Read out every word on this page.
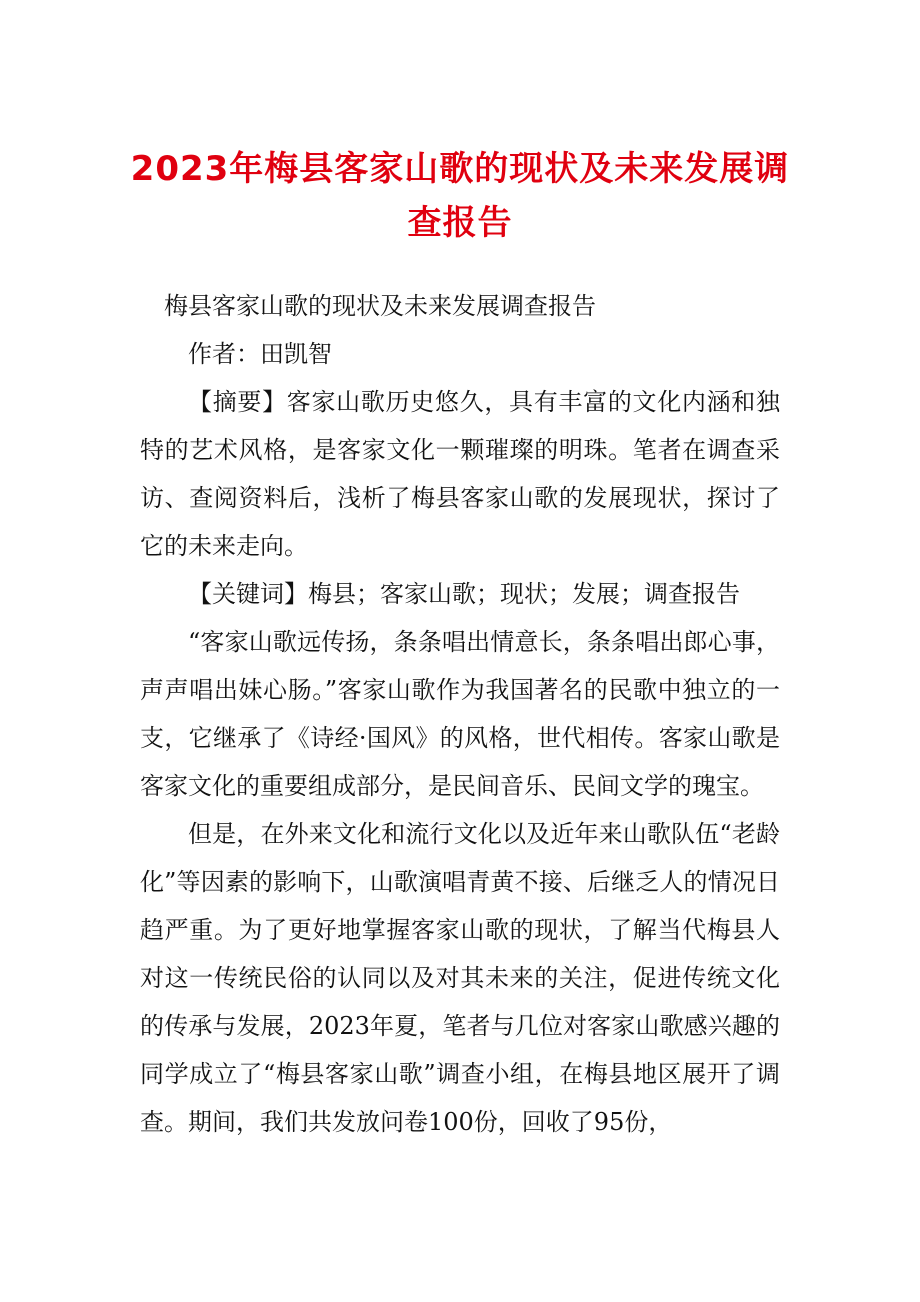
2023年梅县客家山歌的现状及未来发展调查报告

梅县客家山歌的现状及未来发展调查报告

作者：田凯智

【摘要】客家山歌历史悠久，具有丰富的文化内涵和独特的艺术风格，是客家文化一颗璀璨的明珠。笔者在调查采访、查阅资料后，浅析了梅县客家山歌的发展现状，探讨了它的未来走向。

【关键词】梅县；客家山歌；现状；发展；调查报告

“客家山歌远传扬，条条唱出情意长，条条唱出郎心事，声声唱出妹心肠。”客家山歌作为我国著名的民歌中独立的一支，它继承了《诗经·国风》的风格，世代相传。客家山歌是客家文化的重要组成部分，是民间音乐、民间文学的瑰宝。

但是，在外来文化和流行文化以及近年来山歌队伍“老龄化”等因素的影响下，山歌演唱青黄不接、后继乏人的情况日趋严重。为了更好地掌握客家山歌的现状，了解当代梅县人对这一传统民俗的认同以及对其未来的关注，促进传统文化的传承与发展，2023年夏，笔者与几位对客家山歌感兴趣的同学成立了“梅县客家山歌”调查小组，在梅县地区展开了调查。期间，我们共发放问卷100份，回收了95份，
